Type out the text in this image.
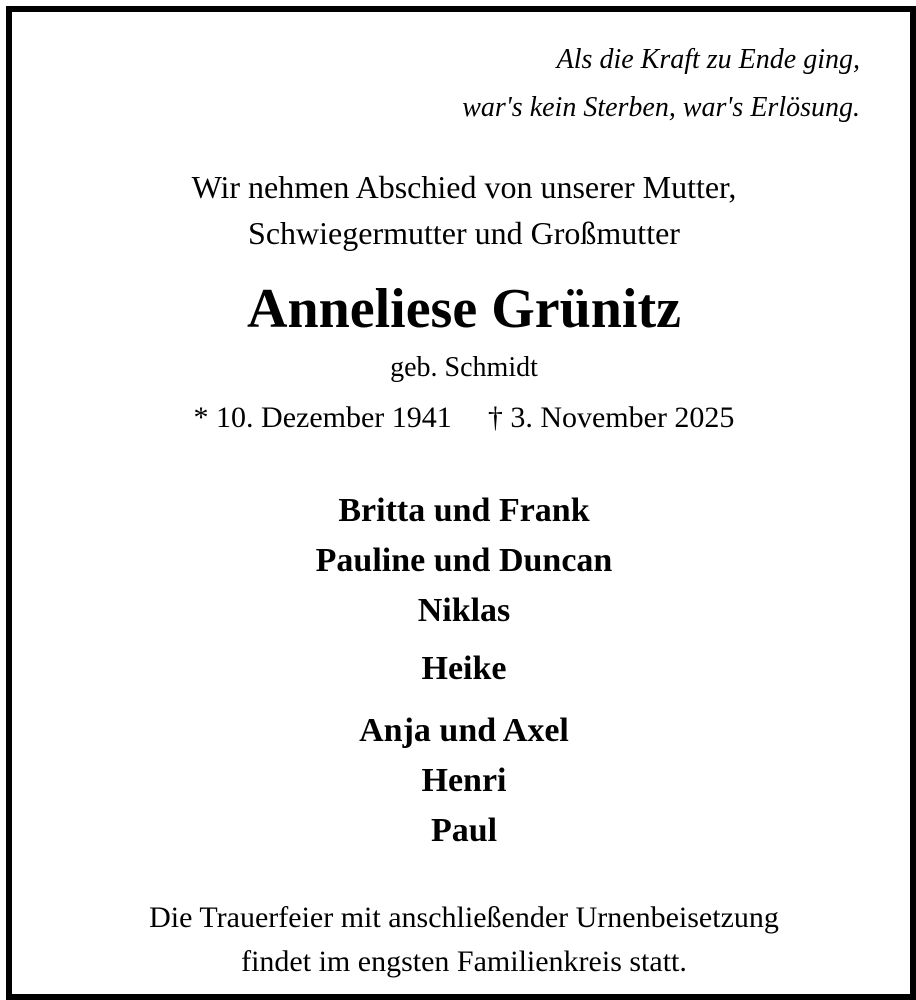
Als die Kraft zu Ende ging,
war's kein Sterben, war's Erlösung.
Wir nehmen Abschied von unserer Mutter,
Schwiegermutter und Großmutter
Anneliese Grünitz
geb. Schmidt
* 10. Dezember 1941 † 3. November 2025
Britta und Frank
Pauline und Duncan
Niklas
Heike
Anja und Axel
Henri
Paul
Die Trauerfeier mit anschließender Urnenbeisetzung
findet im engsten Familienkreis statt.
